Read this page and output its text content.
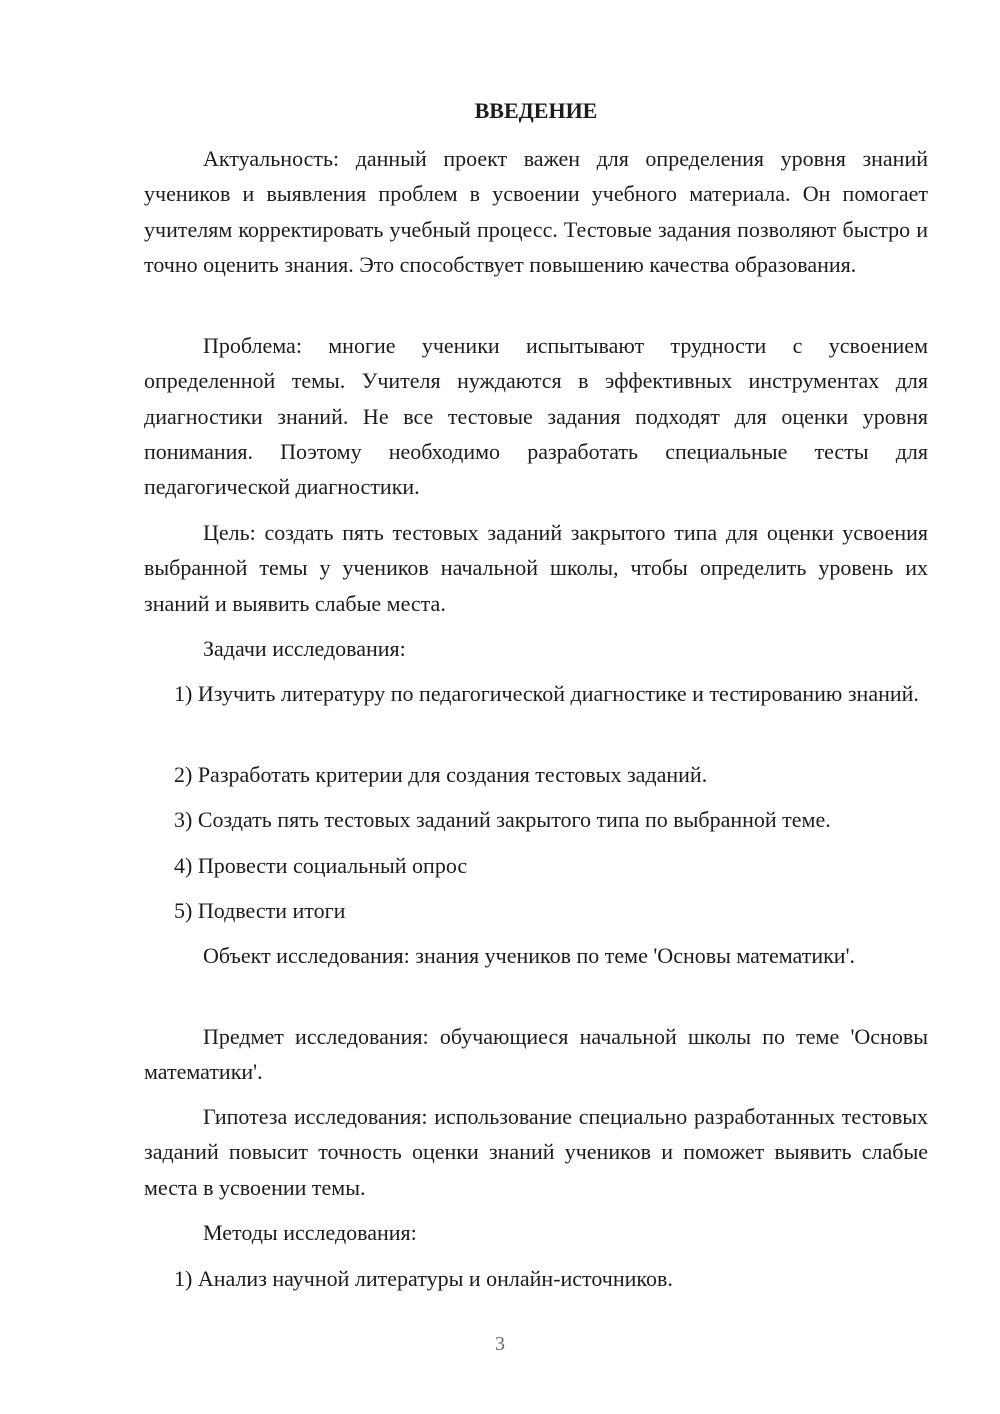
ВВЕДЕНИЕ

Актуальность: данный проект важен для определения уровня знаний учеников и выявления проблем в усвоении учебного материала. Он помогает учителям корректировать учебный процесс. Тестовые задания позволяют быстро и точно оценить знания. Это способствует повышению качества образования.

Проблема: многие ученики испытывают трудности с усвоением определенной темы. Учителя нуждаются в эффективных инструментах для диагностики знаний. Не все тестовые задания подходят для оценки уровня понимания. Поэтому необходимо разработать специальные тесты для педагогической диагностики.

Цель: создать пять тестовых заданий закрытого типа для оценки усвоения выбранной темы у учеников начальной школы, чтобы определить уровень их знаний и выявить слабые места.

Задачи исследования:

1) Изучить литературу по педагогической диагностике и тестированию знаний.

2) Разработать критерии для создания тестовых заданий.

3) Создать пять тестовых заданий закрытого типа по выбранной теме.

4) Провести социальный опрос

5) Подвести итоги

Объект исследования: знания учеников по теме 'Основы математики'.

Предмет исследования: обучающиеся начальной школы по теме 'Основы математики'.

Гипотеза исследования: использование специально разработанных тестовых заданий повысит точность оценки знаний учеников и поможет выявить слабые места в усвоении темы.

Методы исследования:

1) Анализ научной литературы и онлайн-источников.

3
